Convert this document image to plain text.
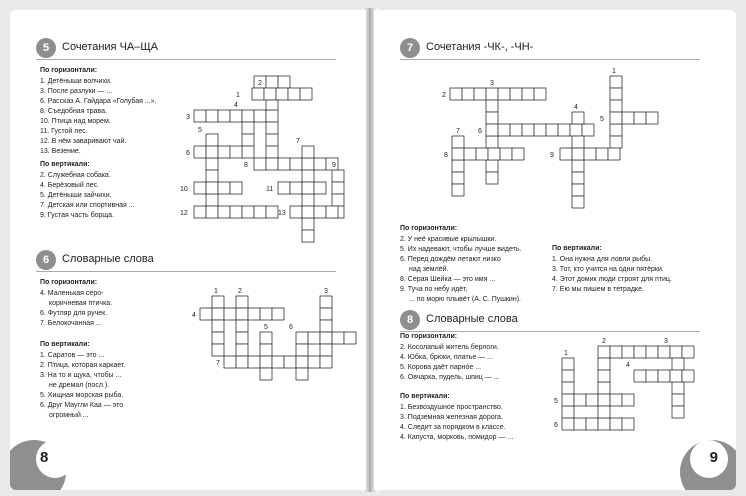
5	Сочетания ЧА–ЩА
По горизонтали:
1. Детёныши волчихи.
3. После разлуки — ...
6. Рассказ А. Гайдара «Голубая ...».
8. Съедобная трава.
10. Птица над морем.
11. Густой лес.
12. В нём заваривают чай.
13. Везение.
По вертикали:
2. Служебная собака.
4. Берёзовый лес.
5. Детёныши зайчихи.
7. Детская или спортивная ...
9. Густая часть борща.
2
1
4
3
5
6
8
7
9
10	11
12	13
6	Словарные слова
По горизонтали:
4. Маленькая серо-
коричневая птичка.
6. Футляр для ручек.
7. Белокочанная ...
По вертикали:
1. Саратов — это ...
2. Птица, которая каркает.
3. На то и щука, чтобы ...
не дремал (посл.).
5. Хищная морская рыба.
6. Друг Маугли Каа — это
огромный ...
1	2	3
4
5	6
7
8
7	Сочетания -ЧК-, -ЧН-
2
3
1
4
5
7	6
8	9
По горизонтали:
2. У неё красивые крылышки.
5. Их надевают, чтобы лучше видеть.
6. Перед дождём летают низко
над землёй.
8. Серая Шейка — это имя ...
9. Туча по небу идёт,
... по морю плывёт (А. С. Пушкин).
По вертикали:
1. Она нужна для ловли рыбы.
3. Тот, кто учится на одни пятёрки.
4. Этот домик люди строят для птиц.
7. Ею мы пишем в тетрадке.
8	Словарные слова
По горизонтали:
2. Косолапый житель берлоги.
4. Юбка, брюки, платье — ...
5. Корова даёт парно́е ...
6. Овчарка, пудель, шпиц — ...
По вертикали:
1. Безвоздушное пространство.
3. Подземная железная дорога.
4. Следит за порядком в классе.
4. Капуста, морковь, помидор — ...
2	3
1
4
5
6
9
